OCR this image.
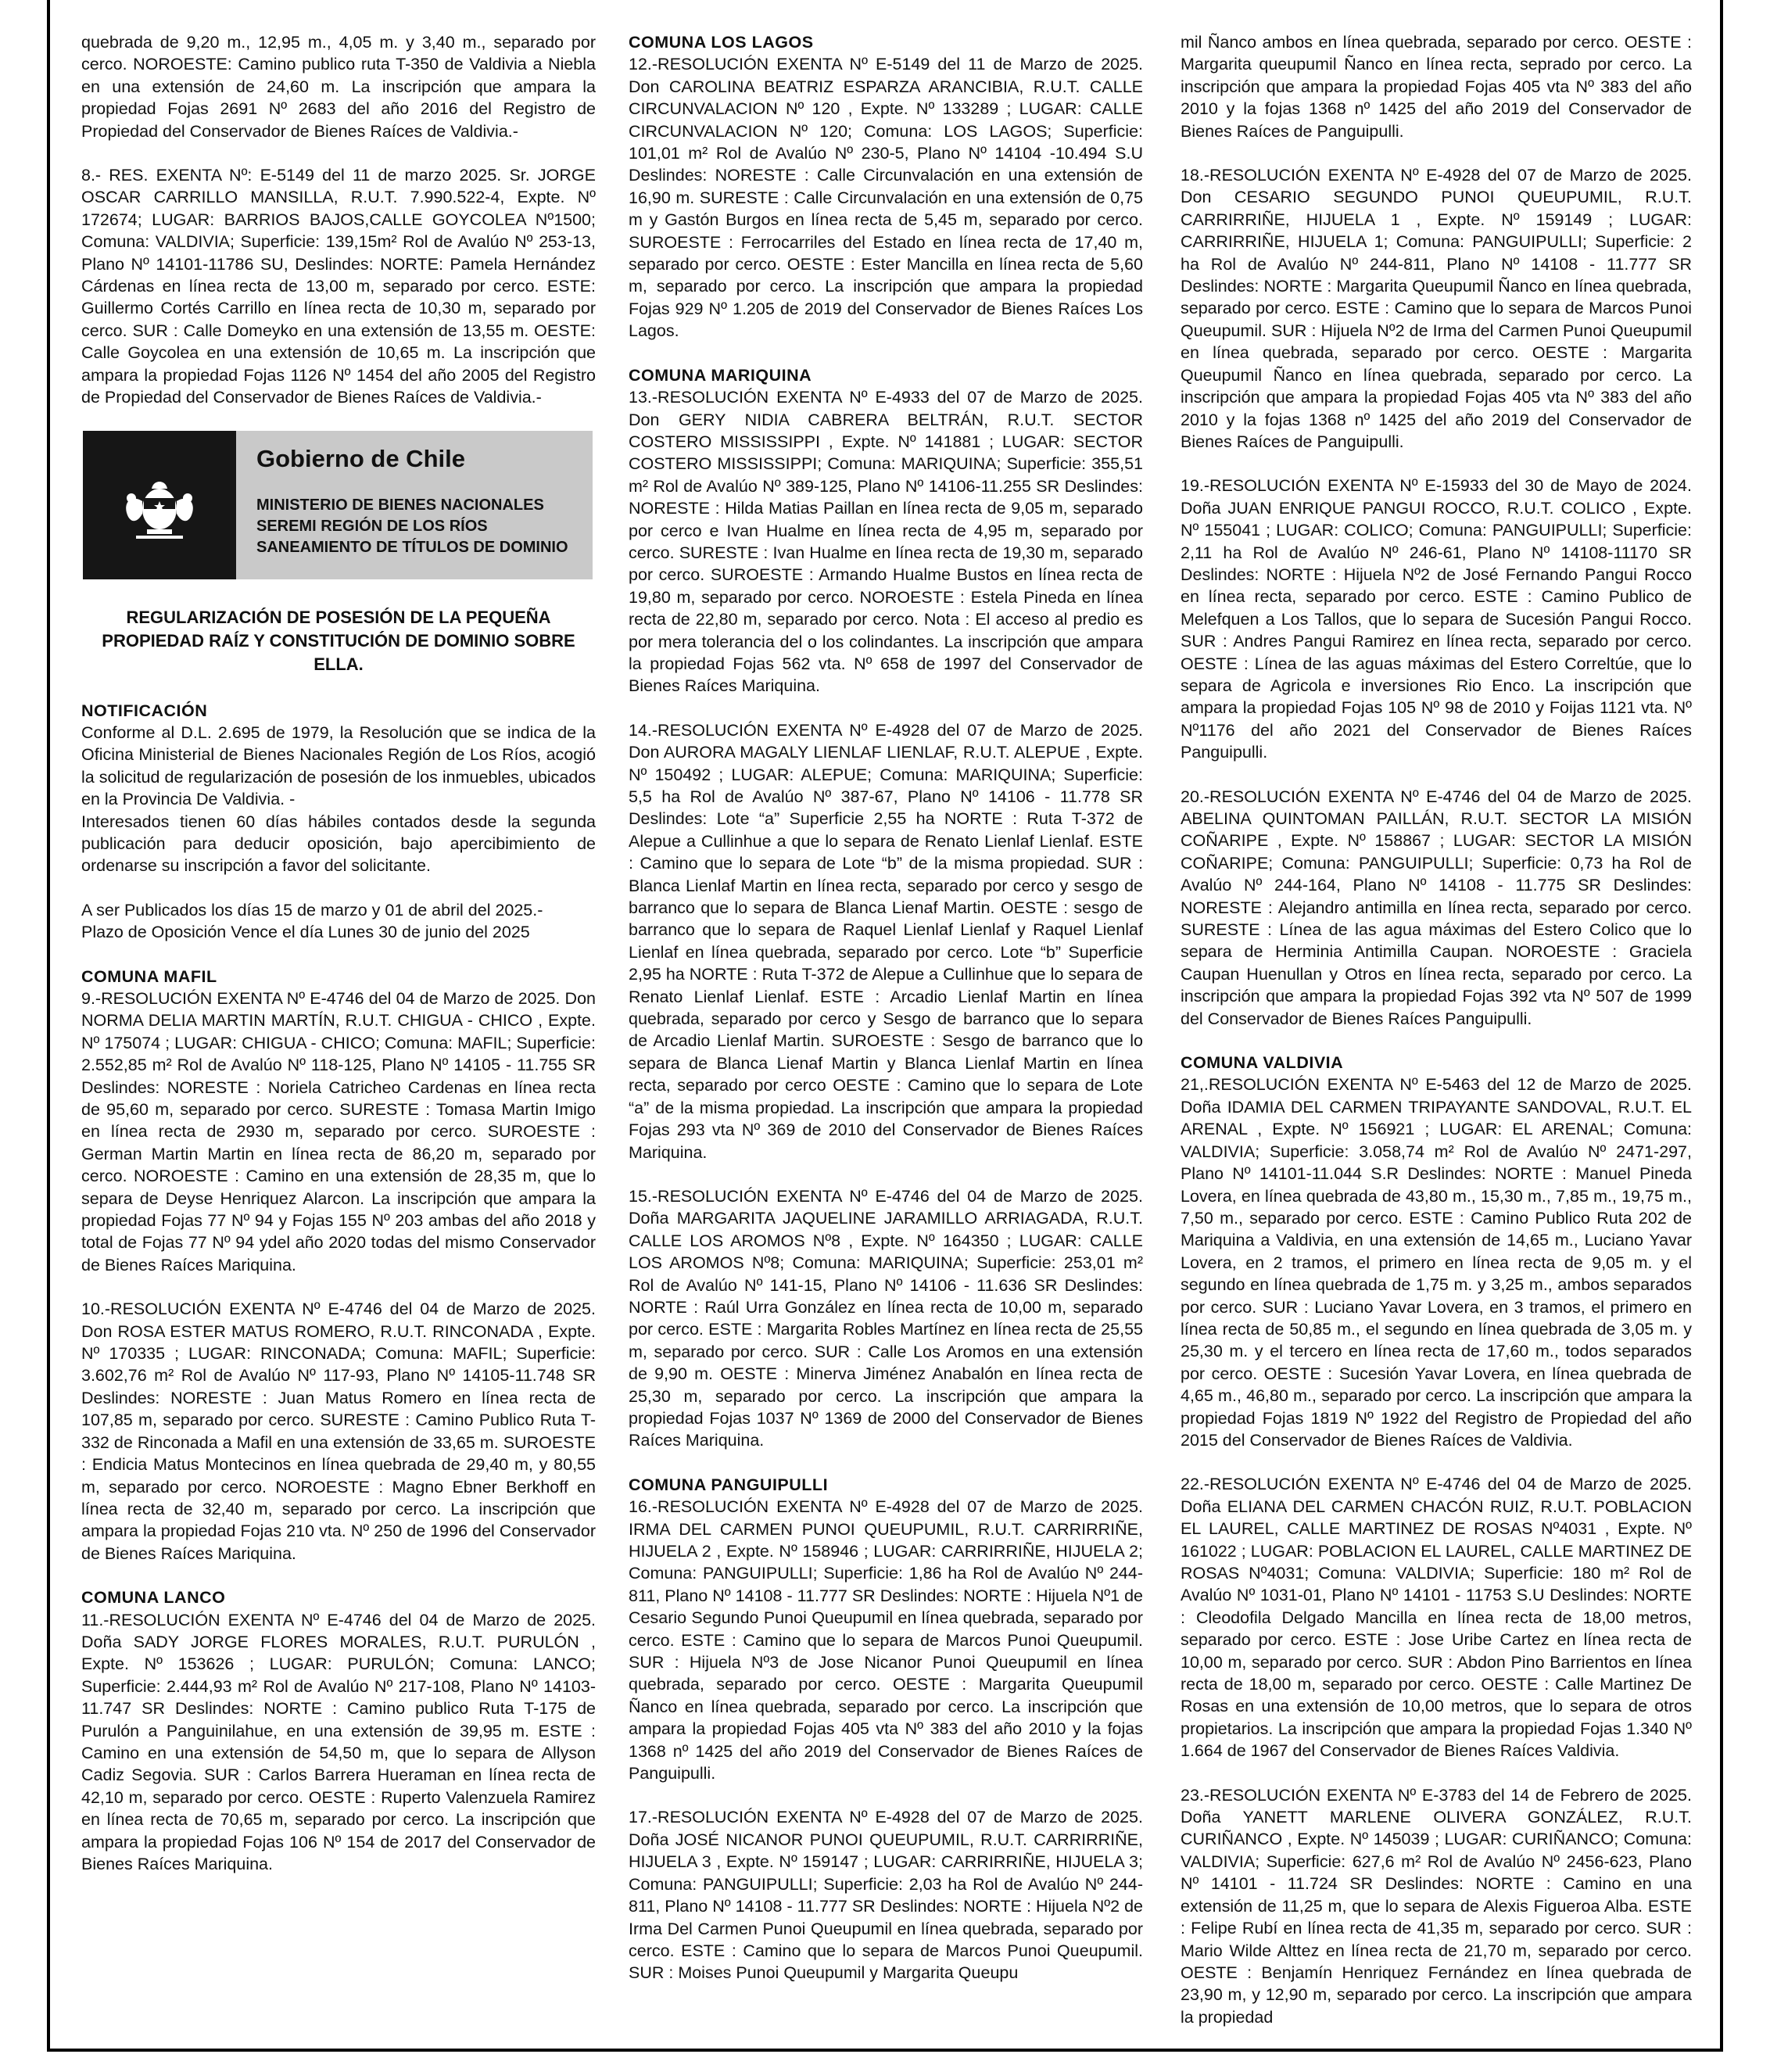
quebrada de 9,20 m., 12,95 m., 4,05 m. y 3,40 m., separado por cerco. NOROESTE: Camino publico ruta T-350 de Valdivia a Niebla en una extensión de 24,60 m. La inscripción que ampara la propiedad Fojas 2691 Nº 2683 del año 2016 del Registro de Propiedad del Conservador de Bienes Raíces de Valdivia.-

8.- RES. EXENTA Nº: E-5149 del 11 de marzo 2025. Sr. JORGE OSCAR CARRILLO MANSILLA, R.U.T. 7.990.522-4, Expte. Nº 172674; LUGAR: BARRIOS BAJOS,CALLE GOYCOLEA Nº1500; Comuna: VALDIVIA; Superficie: 139,15m² Rol de Avalúo Nº 253-13, Plano Nº 14101-11786 SU, Deslindes: NORTE: Pamela Hernández Cárdenas en línea recta de 13,00 m, separado por cerco. ESTE: Guillermo Cortés Carrillo en línea recta de 10,30 m, separado por cerco. SUR : Calle Domeyko en una extensión de 13,55 m. OESTE: Calle Goycolea en una extensión de 10,65 m. La inscripción que ampara la propiedad Fojas 1126 Nº 1454 del año 2005 del Registro de Propiedad del Conservador de Bienes Raíces de Valdivia.-

Gobierno de Chile
MINISTERIO DE BIENES NACIONALES
SEREMI REGIÓN DE LOS RÍOS
SANEAMIENTO DE TÍTULOS DE DOMINIO
REGULARIZACIÓN DE POSESIÓN DE LA PEQUEÑA
PROPIEDAD RAÍZ Y CONSTITUCIÓN DE DOMINIO SOBRE ELLA.
NOTIFICACIÓN

Conforme al D.L. 2.695 de 1979, la Resolución que se indica de la Oficina Ministerial de Bienes Nacionales Región de Los Ríos, acogió la solicitud de regularización de posesión de los inmuebles, ubicados en la Provincia De Valdivia. -

Interesados tienen 60 días hábiles contados desde la segunda publicación para deducir oposición, bajo apercibimiento de ordenarse su inscripción a favor del solicitante.

A ser Publicados los días 15 de marzo y 01 de abril del 2025.-

Plazo de Oposición Vence el día Lunes 30 de junio del 2025

COMUNA MAFIL

9.-RESOLUCIÓN EXENTA Nº E-4746 del 04 de Marzo de 2025. Don NORMA DELIA MARTIN MARTÍN, R.U.T. CHIGUA - CHICO , Expte. Nº 175074 ; LUGAR: CHIGUA - CHICO; Comuna: MAFIL; Superficie: 2.552,85 m² Rol de Avalúo Nº 118-125, Plano Nº 14105 - 11.755 SR Deslindes: NORESTE : Noriela Catricheo Cardenas en línea recta de 95,60 m, separado por cerco. SURESTE : Tomasa Martin Imigo en línea recta de 2930 m, separado por cerco. SUROESTE : German Martin Martin en línea recta de 86,20 m, separado por cerco. NOROESTE : Camino en una extensión de 28,35 m, que lo separa de Deyse Henriquez Alarcon. La inscripción que ampara la propiedad Fojas 77 Nº 94 y Fojas 155 Nº 203 ambas del año 2018 y total de Fojas 77 Nº 94 ydel año 2020 todas del mismo Conservador de Bienes Raíces Mariquina.

10.-RESOLUCIÓN EXENTA Nº E-4746 del 04 de Marzo de 2025. Don ROSA ESTER MATUS ROMERO, R.U.T. RINCONADA , Expte. Nº 170335 ; LUGAR: RINCONADA; Comuna: MAFIL; Superficie: 3.602,76 m² Rol de Avalúo Nº 117-93, Plano Nº 14105-11.748 SR Deslindes: NORESTE : Juan Matus Romero en línea recta de 107,85 m, separado por cerco. SURESTE : Camino Publico Ruta T-332 de Rinconada a Mafil en una extensión de 33,65 m. SUROESTE : Endicia Matus Montecinos en línea quebrada de 29,40 m, y 80,55 m, separado por cerco. NOROESTE : Magno Ebner Berkhoff en línea recta de 32,40 m, separado por cerco. La inscripción que ampara la propiedad Fojas 210 vta. Nº 250 de 1996 del Conservador de Bienes Raíces Mariquina.

COMUNA LANCO

11.-RESOLUCIÓN EXENTA Nº E-4746 del 04 de Marzo de 2025. Doña SADY JORGE FLORES MORALES, R.U.T. PURULÓN , Expte. Nº 153626 ; LUGAR: PURULÓN; Comuna: LANCO; Superficie: 2.444,93 m² Rol de Avalúo Nº 217-108, Plano Nº 14103-11.747 SR Deslindes: NORTE : Camino publico Ruta T-175 de Purulón a Panguinilahue, en una extensión de 39,95 m. ESTE : Camino en una extensión de 54,50 m, que lo separa de Allyson Cadiz Segovia. SUR : Carlos Barrera Hueraman en línea recta de 42,10 m, separado por cerco. OESTE : Ruperto Valenzuela Ramirez en línea recta de 70,65 m, separado por cerco. La inscripción que ampara la propiedad Fojas 106 Nº 154 de 2017 del Conservador de Bienes Raíces Mariquina.

COMUNA LOS LAGOS

12.-RESOLUCIÓN EXENTA Nº E-5149 del 11 de Marzo de 2025. Don CAROLINA BEATRIZ ESPARZA ARANCIBIA, R.U.T. CALLE CIRCUNVALACION Nº 120 , Expte. Nº 133289 ; LUGAR: CALLE CIRCUNVALACION Nº 120; Comuna: LOS LAGOS; Superficie: 101,01 m² Rol de Avalúo Nº 230-5, Plano Nº 14104 -10.494 S.U Deslindes: NORESTE : Calle Circunvalación en una extensión de 16,90 m. SURESTE : Calle Circunvalación en una extensión de 0,75 m y Gastón Burgos en línea recta de 5,45 m, separado por cerco. SUROESTE : Ferrocarriles del Estado en línea recta de 17,40 m, separado por cerco. OESTE : Ester Mancilla en línea recta de 5,60 m, separado por cerco. La inscripción que ampara la propiedad Fojas 929 Nº 1.205 de 2019 del Conservador de Bienes Raíces Los Lagos.

COMUNA MARIQUINA

13.-RESOLUCIÓN EXENTA Nº E-4933 del 07 de Marzo de 2025. Don GERY NIDIA CABRERA BELTRÁN, R.U.T. SECTOR COSTERO MISSISSIPPI , Expte. Nº 141881 ; LUGAR: SECTOR COSTERO MISSISSIPPI; Comuna: MARIQUINA; Superficie: 355,51 m² Rol de Avalúo Nº 389-125, Plano Nº 14106-11.255 SR Deslindes: NORESTE : Hilda Matias Paillan en línea recta de 9,05 m, separado por cerco e Ivan Hualme en línea recta de 4,95 m, separado por cerco. SURESTE : Ivan Hualme en línea recta de 19,30 m, separado por cerco. SUROESTE : Armando Hualme Bustos en línea recta de 19,80 m, separado por cerco. NOROESTE : Estela Pineda en línea recta de 22,80 m, separado por cerco. Nota : El acceso al predio es por mera tolerancia del o los colindantes. La inscripción que ampara la propiedad Fojas 562 vta. Nº 658 de 1997 del Conservador de Bienes Raíces Mariquina.

14.-RESOLUCIÓN EXENTA Nº E-4928 del 07 de Marzo de 2025. Don AURORA MAGALY LIENLAF LIENLAF, R.U.T. ALEPUE , Expte. Nº 150492 ; LUGAR: ALEPUE; Comuna: MARIQUINA; Superficie: 5,5 ha Rol de Avalúo Nº 387-67, Plano Nº 14106 - 11.778 SR Deslindes: Lote “a” Superficie 2,55 ha NORTE : Ruta T-372 de Alepue a Cullinhue a que lo separa de Renato Lienlaf Lienlaf. ESTE : Camino que lo separa de Lote “b” de la misma propiedad. SUR : Blanca Lienlaf Martin en línea recta, separado por cerco y sesgo de barranco que lo separa de Blanca Lienaf Martin. OESTE : sesgo de barranco que lo separa de Raquel Lienlaf Lienlaf y Raquel Lienlaf Lienlaf en línea quebrada, separado por cerco. Lote “b” Superficie 2,95 ha NORTE : Ruta T-372 de Alepue a Cullinhue que lo separa de Renato Lienlaf Lienlaf. ESTE : Arcadio Lienlaf Martin en línea quebrada, separado por cerco y Sesgo de barranco que lo separa de Arcadio Lienlaf Martin. SUROESTE : Sesgo de barranco que lo separa de Blanca Lienaf Martin y Blanca Lienlaf Martin en línea recta, separado por cerco OESTE : Camino que lo separa de Lote “a” de la misma propiedad. La inscripción que ampara la propiedad Fojas 293 vta Nº 369 de 2010 del Conservador de Bienes Raíces Mariquina.

15.-RESOLUCIÓN EXENTA Nº E-4746 del 04 de Marzo de 2025. Doña MARGARITA JAQUELINE JARAMILLO ARRIAGADA, R.U.T. CALLE LOS AROMOS Nº8 , Expte. Nº 164350 ; LUGAR: CALLE LOS AROMOS Nº8; Comuna: MARIQUINA; Superficie: 253,01 m² Rol de Avalúo Nº 141-15, Plano Nº 14106 - 11.636 SR Deslindes: NORTE : Raúl Urra González en línea recta de 10,00 m, separado por cerco. ESTE : Margarita Robles Martínez en línea recta de 25,55 m, separado por cerco. SUR : Calle Los Aromos en una extensión de 9,90 m. OESTE : Minerva Jiménez Anabalón en línea recta de 25,30 m, separado por cerco. La inscripción que ampara la propiedad Fojas 1037 Nº 1369 de 2000 del Conservador de Bienes Raíces Mariquina.

COMUNA PANGUIPULLI

16.-RESOLUCIÓN EXENTA Nº E-4928 del 07 de Marzo de 2025. IRMA DEL CARMEN PUNOI QUEUPUMIL, R.U.T. CARRIRRIÑE, HIJUELA 2 , Expte. Nº 158946 ; LUGAR: CARRIRRIÑE, HIJUELA 2; Comuna: PANGUIPULLI; Superficie: 1,86 ha Rol de Avalúo Nº 244-811, Plano Nº 14108 - 11.777 SR Deslindes: NORTE : Hijuela Nº1 de Cesario Segundo Punoi Queupumil en línea quebrada, separado por cerco. ESTE : Camino que lo separa de Marcos Punoi Queupumil. SUR : Hijuela Nº3 de Jose Nicanor Punoi Queupumil en línea quebrada, separado por cerco. OESTE : Margarita Queupumil Ñanco en línea quebrada, separado por cerco. La inscripción que ampara la propiedad Fojas 405 vta Nº 383 del año 2010 y la fojas 1368 nº 1425 del año 2019 del Conservador de Bienes Raíces de Panguipulli.

17.-RESOLUCIÓN EXENTA Nº E-4928 del 07 de Marzo de 2025. Doña JOSÉ NICANOR PUNOI QUEUPUMIL, R.U.T. CARRIRRIÑE, HIJUELA 3 , Expte. Nº 159147 ; LUGAR: CARRIRRIÑE, HIJUELA 3; Comuna: PANGUIPULLI; Superficie: 2,03 ha Rol de Avalúo Nº 244-811, Plano Nº 14108 - 11.777 SR Deslindes: NORTE : Hijuela Nº2 de Irma Del Carmen Punoi Queupumil en línea quebrada, separado por cerco. ESTE : Camino que lo separa de Marcos Punoi Queupumil. SUR : Moises Punoi Queupumil y Margarita Queupu

mil Ñanco ambos en línea quebrada, separado por cerco. OESTE : Margarita queupumil Ñanco en línea recta, seprado por cerco. La inscripción que ampara la propiedad Fojas 405 vta Nº 383 del año 2010 y la fojas 1368 nº 1425 del año 2019 del Conservador de Bienes Raíces de Panguipulli.

18.-RESOLUCIÓN EXENTA Nº E-4928 del 07 de Marzo de 2025. Don CESARIO SEGUNDO PUNOI QUEUPUMIL, R.U.T. CARRIRRIÑE, HIJUELA 1 , Expte. Nº 159149 ; LUGAR: CARRIRRIÑE, HIJUELA 1; Comuna: PANGUIPULLI; Superficie: 2 ha Rol de Avalúo Nº 244-811, Plano Nº 14108 - 11.777 SR Deslindes: NORTE : Margarita Queupumil Ñanco en línea quebrada, separado por cerco. ESTE : Camino que lo separa de Marcos Punoi Queupumil. SUR : Hijuela Nº2 de Irma del Carmen Punoi Queupumil en línea quebrada, separado por cerco. OESTE : Margarita Queupumil Ñanco en línea quebrada, separado por cerco. La inscripción que ampara la propiedad Fojas 405 vta Nº 383 del año 2010 y la fojas 1368 nº 1425 del año 2019 del Conservador de Bienes Raíces de Panguipulli.

19.-RESOLUCIÓN EXENTA Nº E-15933 del 30 de Mayo de 2024. Doña JUAN ENRIQUE PANGUI ROCCO, R.U.T. COLICO , Expte. Nº 155041 ; LUGAR: COLICO; Comuna: PANGUIPULLI; Superficie: 2,11 ha Rol de Avalúo Nº 246-61, Plano Nº 14108-11170 SR Deslindes: NORTE : Hijuela Nº2 de José Fernando Pangui Rocco en línea recta, separado por cerco. ESTE : Camino Publico de Melefquen a Los Tallos, que lo separa de Sucesión Pangui Rocco. SUR : Andres Pangui Ramirez en línea recta, separado por cerco. OESTE : Línea de las aguas máximas del Estero Correltúe, que lo separa de Agricola e inversiones Rio Enco. La inscripción que ampara la propiedad Fojas 105 Nº 98 de 2010 y Foijas 1121 vta. Nº Nº1176 del año 2021 del Conservador de Bienes Raíces Panguipulli.

20.-RESOLUCIÓN EXENTA Nº E-4746 del 04 de Marzo de 2025. ABELINA QUINTOMAN PAILLÁN, R.U.T. SECTOR LA MISIÓN COÑARIPE , Expte. Nº 158867 ; LUGAR: SECTOR LA MISIÓN COÑARIPE; Comuna: PANGUIPULLI; Superficie: 0,73 ha Rol de Avalúo Nº 244-164, Plano Nº 14108 - 11.775 SR Deslindes: NORESTE : Alejandro antimilla en línea recta, separado por cerco. SURESTE : Línea de las agua máximas del Estero Colico que lo separa de Herminia Antimilla Caupan. NOROESTE : Graciela Caupan Huenullan y Otros en línea recta, separado por cerco. La inscripción que ampara la propiedad Fojas 392 vta Nº 507 de 1999 del Conservador de Bienes Raíces Panguipulli.

COMUNA VALDIVIA

21,.RESOLUCIÓN EXENTA Nº E-5463 del 12 de Marzo de 2025. Doña IDAMIA DEL CARMEN TRIPAYANTE SANDOVAL, R.U.T. EL ARENAL , Expte. Nº 156921 ; LUGAR: EL ARENAL; Comuna: VALDIVIA; Superficie: 3.058,74 m² Rol de Avalúo Nº 2471-297, Plano Nº 14101-11.044 S.R Deslindes: NORTE : Manuel Pineda Lovera, en línea quebrada de 43,80 m., 15,30 m., 7,85 m., 19,75 m., 7,50 m., separado por cerco. ESTE : Camino Publico Ruta 202 de Mariquina a Valdivia, en una extensión de 14,65 m., Luciano Yavar Lovera, en 2 tramos, el primero en línea recta de 9,05 m. y el segundo en línea quebrada de 1,75 m. y 3,25 m., ambos separados por cerco. SUR : Luciano Yavar Lovera, en 3 tramos, el primero en línea recta de 50,85 m., el segundo en línea quebrada de 3,05 m. y 25,30 m. y el tercero en línea recta de 17,60 m., todos separados por cerco. OESTE : Sucesión Yavar Lovera, en línea quebrada de 4,65 m., 46,80 m., separado por cerco. La inscripción que ampara la propiedad Fojas 1819 Nº 1922 del Registro de Propiedad del año 2015 del Conservador de Bienes Raíces de Valdivia.

22.-RESOLUCIÓN EXENTA Nº E-4746 del 04 de Marzo de 2025. Doña ELIANA DEL CARMEN CHACÓN RUIZ, R.U.T. POBLACION EL LAUREL, CALLE MARTINEZ DE ROSAS Nº4031 , Expte. Nº 161022 ; LUGAR: POBLACION EL LAUREL, CALLE MARTINEZ DE ROSAS Nº4031; Comuna: VALDIVIA; Superficie: 180 m² Rol de Avalúo Nº 1031-01, Plano Nº 14101 - 11753 S.U Deslindes: NORTE : Cleodofila Delgado Mancilla en línea recta de 18,00 metros, separado por cerco. ESTE : Jose Uribe Cartez en línea recta de 10,00 m, separado por cerco. SUR : Abdon Pino Barrientos en línea recta de 18,00 m, separado por cerco. OESTE : Calle Martinez De Rosas en una extensión de 10,00 metros, que lo separa de otros propietarios. La inscripción que ampara la propiedad Fojas 1.340 Nº 1.664 de 1967 del Conservador de Bienes Raíces Valdivia.

23.-RESOLUCIÓN EXENTA Nº E-3783 del 14 de Febrero de 2025. Doña YANETT MARLENE OLIVERA GONZÁLEZ, R.U.T. CURIÑANCO , Expte. Nº 145039 ; LUGAR: CURIÑANCO; Comuna: VALDIVIA; Superficie: 627,6 m² Rol de Avalúo Nº 2456-623, Plano Nº 14101 - 11.724 SR Deslindes: NORTE : Camino en una extensión de 11,25 m, que lo separa de Alexis Figueroa Alba. ESTE : Felipe Rubí en línea recta de 41,35 m, separado por cerco. SUR : Mario Wilde Alttez en línea recta de 21,70 m, separado por cerco. OESTE : Benjamín Henriquez Fernández en línea quebrada de 23,90 m, y 12,90 m, separado por cerco. La inscripción que ampara la propiedad
